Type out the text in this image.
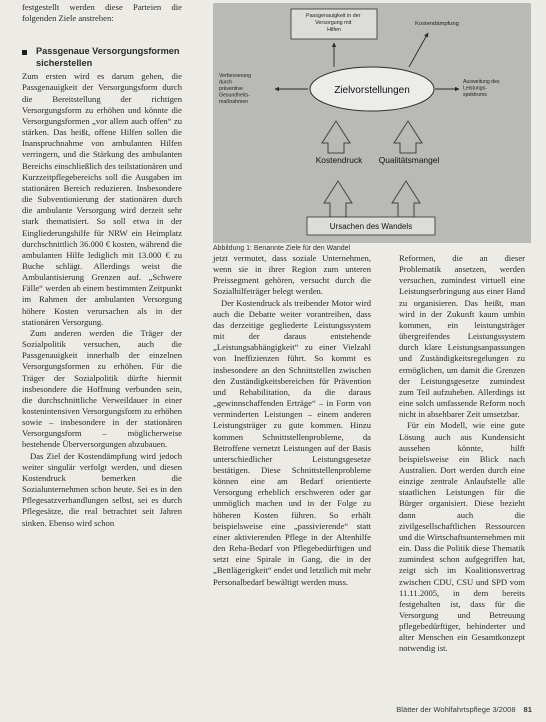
festgestellt werden diese Parteien die folgenden Ziele anstreben:

Passgenaue Versorgungsformen sicherstellen

Zum ersten wird es darum gehen, die Passgenauigkeit der Versorgungsform durch die Bereitstellung der richtigen Versorgungsform zu erhöhen und könnte die Versorgungsformen „vor allem auch offen“ zu stärken. Das heißt, offene Hilfen sollen die Inanspruchnahme von ambulanten Hilfen verringern, und die Stärkung des ambulanten Bereichs einschließlich des teilstationären und Kurzzeitpflegebereichs soll die Ausgaben im stationären Bereich reduzieren. Insbesondere die Subventionierung der stationären durch die ambulante Versorgung wird derzeit sehr stark thematisiert. So soll etwa in der Eingliederungshilfe für NRW ein Heimplatz durchschnittlich 36.000 € kosten, während die ambulanten Hilfe lediglich mit 13.000 € zu Buche schlägt. Allerdings weist die Ambulantisierung Grenzen auf. „Schwere Fälle“ werden ab einem bestimmten Zeitpunkt im Rahmen der ambulanten Versorgung höhere Kosten verursachen als in der stationären Versorgung.

Zum anderen werden die Träger der Sozialpolitik versuchen, auch die Passgenauigkeit innerhalb der einzelnen Versorgungsformen zu erhöhen. Für die Träger der Sozialpolitik dürfte hiermit insbesondere die Hoffnung verbunden sein, die durchschnittliche Verweildauer in einer kostenintensiven Versorgungsform zu erhöhen sowie – insbesondere in der stationären Versorgungsform – möglicherweise bestehende Überversorgungen abzubauen.

Das Ziel der Kostendämpfung wird jedoch weiter singulär verfolgt werden, und diesen Kostendruck bemerken die Sozialunternehmen schon heute. Sei es in den Pflegesatzverhandlungen selbst, sei es durch Pflegesätze, die real betrachtet seit Jahren sinken. Ebenso wird schon

Passgenauigkeit in der Versorgung mit Hilfen
Kostendämpfung
Verbesserung durch präventive Gesundheits- maßnahmen
Ausweitung des Leistungs- spektrums
Zielvorstellungen
Kostendruck Qualitätsmangel
Ursachen des Wandels
Abbildung 1: Benannte Ziele für den Wandel

jetzt vermutet, dass soziale Unternehmen, wenn sie in ihrer Region zum unteren Preissegment gehören, versucht durch die Sozialhilfeträger belegt werden.

Der Kostendruck als treibender Motor wird auch die Debatte weiter vorantreiben, dass das derzeitige gegliederte Leistungssystem mit der daraus entstehende „Leistungsabhängigkeit“ zu einer Vielzahl von Ineffizienzen führt. So kommt es insbesondere an den Schnittstellen zwischen den Zuständigkeitsbereichen für Prävention und Rehabilitation, da die daraus „gewinnschaffenden Erträge“ – in Form von verminderten Leistungen – einem anderen Leistungsträger zu gute kommen. Hinzu kommen Schnittstellenprobleme, da Betroffene vernetzt Leistungen auf der Basis unterschiedlicher Leistungsgesetze bestätigen. Diese Schnittstellenprobleme können eine am Bedarf orientierte Versorgung erheblich erschweren oder gar unmöglich machen und in der Folge zu höheren Kosten führen. So erhält beispielsweise eine „passivierende“ statt einer aktivierenden Pflege in der Altenhilfe den Reha-Bedarf von Pflegebedürftigen und setzt eine Spirale in Gang, die in der „Bettlägerigkeit“ endet und letztlich mit mehr Personalbedarf bewältigt werden muss.

Reformen, die an dieser Problematik ansetzen, werden versuchen, zumindest virtuell eine Leistungserbringung aus einer Hand zu organisieren. Das heißt, man wird in der Zukunft kaum umhin kommen, ein leistungsträger übergreifendes Leistungssystem durch klare Leistungsanpassungen und Zuständigkeitsregelungen zu ermöglichen, um damit die Grenzen der Leistungsgesetze zumindest zum Teil aufzuheben. Allerdings ist eine solch umfassende Reform noch nicht in absehbarer Zeit umsetzbar.

Für ein Modell, wie eine gute Lösung auch aus Kundensicht aussehen könnte, hilft beispielsweise ein Blick nach Australien. Dort werden durch eine einzige zentrale Anlaufstelle alle staatlichen Leistungen für die Bürger organisiert. Diese bezieht dann auch die zivilgesellschaftlichen Ressourcen und die Wirtschaftsunternehmen mit ein. Dass die Politik diese Thematik zumindest schon aufgegriffen hat, zeigt sich im Koalitionsvertrag zwischen CDU, CSU und SPD vom 11.11.2005, in dem bereits festgehalten ist, dass für die Versorgung und Betreuung pflegebedürftiger, behinderter und alter Menschen ein Gesamtkonzept notwendig ist.

Blätter der Wohlfahrtspflege 3/2008 81
